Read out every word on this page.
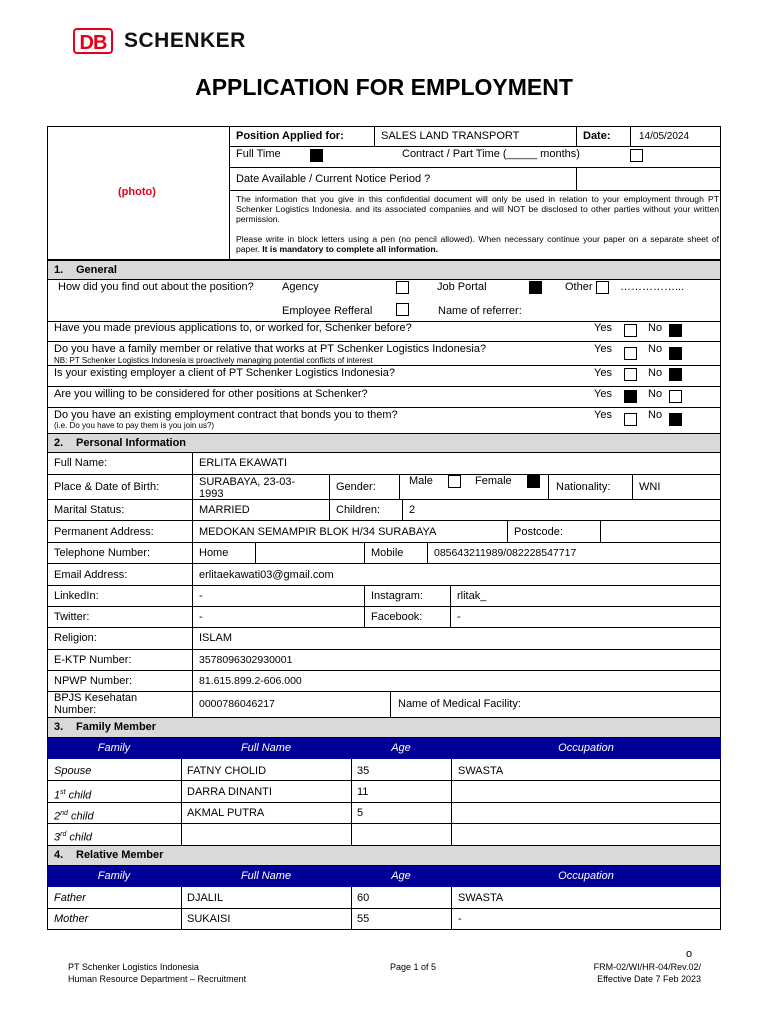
DB SCHENKER
APPLICATION FOR EMPLOYMENT
(photo)
Position Applied for:	SALES LAND TRANSPORT	Date:	14/05/2024
Full Time	Contract / Part Time (_____ months)
Date Available / Current Notice Period ?
The information that you give in this confidential document will only be used in relation to your employment through PT Schenker Logistics Indonesia. and its associated companies and will NOT be disclosed to other parties without your written permission.
Please write in block letters using a pen (no pencil allowed). When necessary continue your paper on a separate sheet of paper. It is mandatory to complete all information.
1. General
How did you find out about the position?	Agency	Job Portal	Other ……………...
Employee Refferal	Name of referrer:
Have you made previous applications to, or worked for, Schenker before?	Yes	No
Do you have a family member or relative that works at PT Schenker Logistics Indonesia?
NB: PT Schenker Logistics Indonesia is proactively managing potential conflicts of interest
Yes	No
Is your existing employer a client of PT Schenker Logistics Indonesia?	Yes	No
Are you willing to be considered for other positions at Schenker?	Yes	No
Do you have an existing employment contract that bonds you to them?
(i.e. Do you have to pay them is you join us?)
Yes	No
2. Personal Information
Full Name:	ERLITA EKAWATI
Place & Date of Birth:	SURABAYA, 23-03-1993
Gender:	Male	Female	Nationality:	WNI
Marital Status:	MARRIED	Children:	2
Permanent Address:	MEDOKAN SEMAMPIR BLOK H/34 SURABAYA	Postcode:
Telephone Number:	Home	Mobile	085643211989/082228547717
Email Address:	erlitaekawati03@gmail.com
LinkedIn:	-	Instagram:	rlitak_
Twitter:	-	Facebook:	-
Religion:	ISLAM
E-KTP Number:	3578096302930001
NPWP Number:	81.615.899.2-606.000
BPJS Kesehatan
Number:	0000786046217	Name of Medical Facility:
3. Family Member
Family	Full Name	Age	Occupation
Spouse	FATNY CHOLID	35	SWASTA
1st child	DARRA DINANTI	11
2nd child	AKMAL PUTRA	5
3rd child
4. Relative Member
Family	Full Name	Age	Occupation
Father	DJALIL	60	SWASTA
Mother	SUKAISI	55	-
o
PT Schenker Logistics Indonesia
Human Resource Department – Recruitment
Page 1 of 5	FRM-02/WI/HR-04/Rev.02/
Effective Date 7 Feb 2023
